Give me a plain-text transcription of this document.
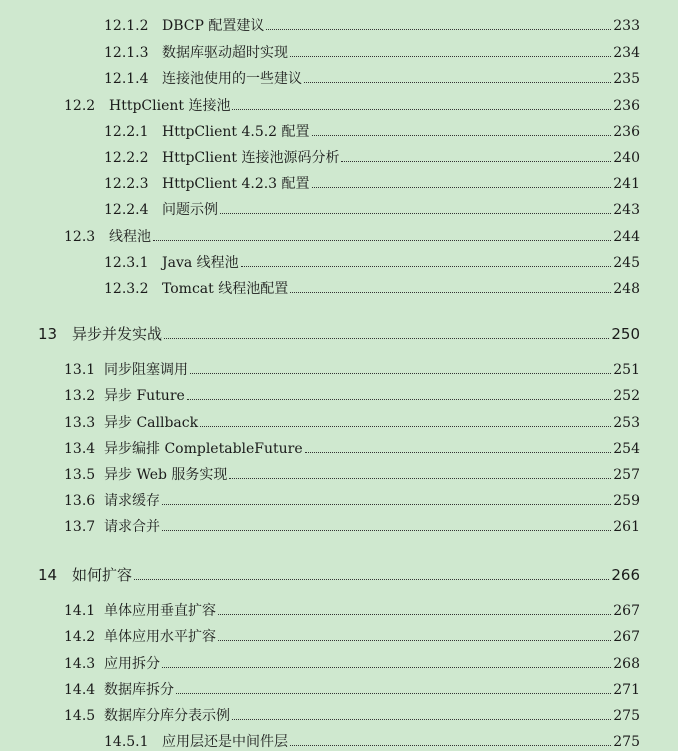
12.1.2 DBCP 配置建议	233
12.1.3 数据库驱动超时实现	234
12.1.4 连接池使用的一些建议	235
12.2 HttpClient 连接池	236
12.2.1 HttpClient 4.5.2 配置	236
12.2.2 HttpClient 连接池源码分析	240
12.2.3 HttpClient 4.2.3 配置	241
12.2.4 问题示例	243
12.3 线程池	244
12.3.1 Java 线程池	245
12.3.2 Tomcat 线程池配置	248
13 异步并发实战	250
13.1 同步阻塞调用	251
13.2 异步 Future	252
13.3 异步 Callback	253
13.4 异步编排 CompletableFuture	254
13.5 异步 Web 服务实现	257
13.6 请求缓存	259
13.7 请求合并	261
14 如何扩容	266
14.1 单体应用垂直扩容	267
14.2 单体应用水平扩容	267
14.3 应用拆分	268
14.4 数据库拆分	271
14.5 数据库分库分表示例	275
14.5.1 应用层还是中间件层	275
